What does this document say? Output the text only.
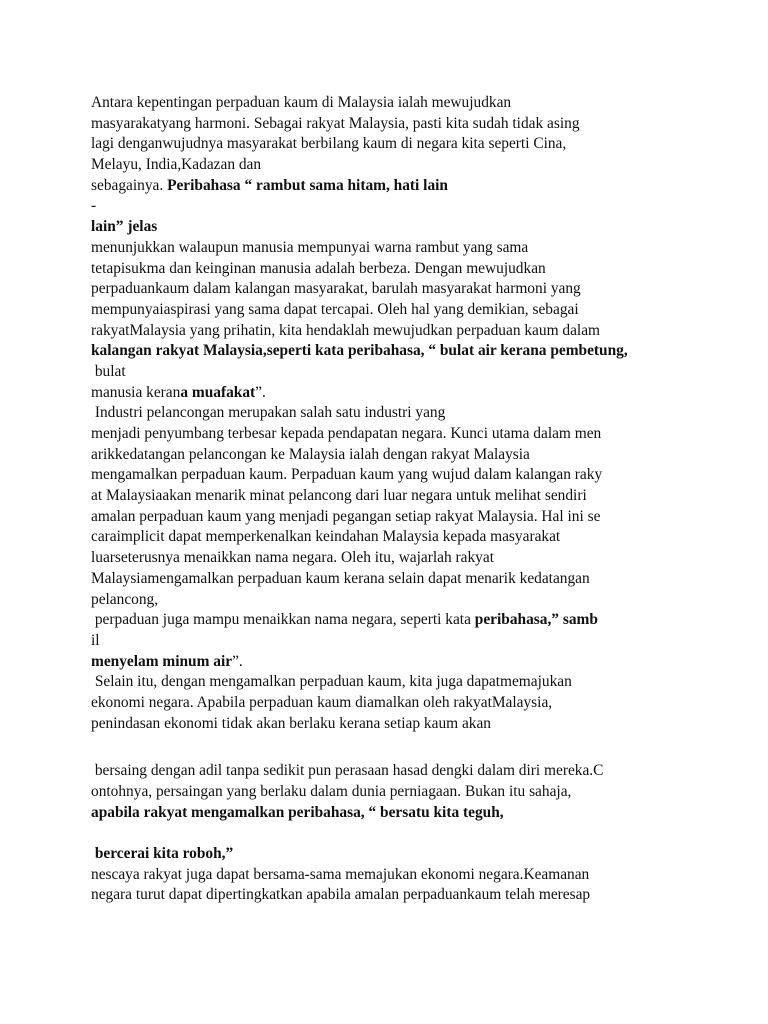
Antara kepentingan perpaduan kaum di Malaysia ialah mewujudkan
masyarakatyang harmoni. Sebagai rakyat Malaysia, pasti kita sudah tidak asing
lagi denganwujudnya masyarakat berbilang kaum di negara kita seperti Cina,
Melayu, India,Kadazan dan
sebagainya. Peribahasa “ rambut sama hitam, hati lain
-
lain” jelas
menunjukkan walaupun manusia mempunyai warna rambut yang sama
tetapisukma dan keinginan manusia adalah berbeza. Dengan mewujudkan
perpaduankaum dalam kalangan masyarakat, barulah masyarakat harmoni yang
mempunyaiaspirasi yang sama dapat tercapai. Oleh hal yang demikian, sebagai
rakyatMalaysia yang prihatin, kita hendaklah mewujudkan perpaduan kaum dalam
kalangan rakyat Malaysia,seperti kata peribahasa, “ bulat air kerana pembetung,
bulat
manusia kerana muafakat”.
Industri pelancongan merupakan salah satu industri yang
menjadi penyumbang terbesar kepada pendapatan negara. Kunci utama dalam men
arikkedatangan pelancongan ke Malaysia ialah dengan rakyat Malaysia
mengamalkan perpaduan kaum. Perpaduan kaum yang wujud dalam kalangan raky
at Malaysiaakan menarik minat pelancong dari luar negara untuk melihat sendiri
amalan perpaduan kaum yang menjadi pegangan setiap rakyat Malaysia. Hal ini se
caraimplicit dapat memperkenalkan keindahan Malaysia kepada masyarakat
luarseterusnya menaikkan nama negara. Oleh itu, wajarlah rakyat
Malaysiamengamalkan perpaduan kaum kerana selain dapat menarik kedatangan
pelancong,
perpaduan juga mampu menaikkan nama negara, seperti kata peribahasa,” samb
il
menyelam minum air”.
Selain itu, dengan mengamalkan perpaduan kaum, kita juga dapatmemajukan
ekonomi negara. Apabila perpaduan kaum diamalkan oleh rakyatMalaysia,
penindasan ekonomi tidak akan berlaku kerana setiap kaum akan
bersaing dengan adil tanpa sedikit pun perasaan hasad dengki dalam diri mereka.C
ontohnya, persaingan yang berlaku dalam dunia perniagaan. Bukan itu sahaja,
apabila rakyat mengamalkan peribahasa, “ bersatu kita teguh,
bercerai kita roboh,”
nescaya rakyat juga dapat bersama-sama memajukan ekonomi negara.Keamanan
negara turut dapat dipertingkatkan apabila amalan perpaduankaum telah meresap
